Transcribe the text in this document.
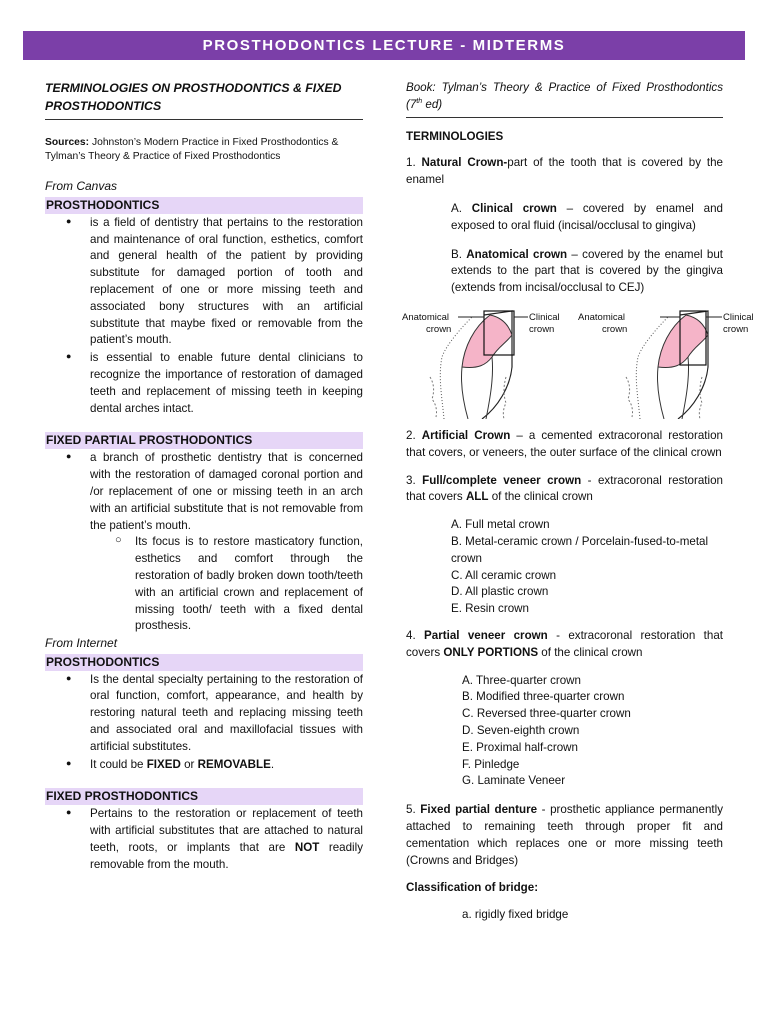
PROSTHODONTICS LECTURE - MIDTERMS
TERMINOLOGIES ON PROSTHODONTICS & FIXED PROSTHODONTICS
Sources: Johnston’s Modern Practice in Fixed Prosthodontics & Tylman’s Theory & Practice of Fixed Prosthodontics
From Canvas
PROSTHODONTICS
● is a field of dentistry that pertains to the restoration and maintenance of oral function, esthetics, comfort and general health of the patient by providing substitute for damaged portion of tooth and replacement of one or more missing teeth and associated bony structures with an artificial substitute that maybe fixed or removable from the patient’s mouth.
● is essential to enable future dental clinicians to recognize the importance of restoration of damaged teeth and replacement of missing teeth in keeping dental arches intact.
FIXED PARTIAL PROSTHODONTICS
● a branch of prosthetic dentistry that is concerned with the restoration of damaged coronal portion and /or replacement of one or missing teeth in an arch with an artificial substitute that is not removable from the patient’s mouth.
○ Its focus is to restore masticatory function, esthetics and comfort through the restoration of badly broken down tooth/teeth with an artificial crown and replacement of missing tooth/ teeth with a fixed dental prosthesis.
From Internet
PROSTHODONTICS
● Is the dental specialty pertaining to the restoration of oral function, comfort, appearance, and health by restoring natural teeth and replacing missing teeth and associated oral and maxillofacial tissues with artificial substitutes.
● It could be FIXED or REMOVABLE.
FIXED PROSTHODONTICS
● Pertains to the restoration or replacement of teeth with artificial substitutes that are attached to natural teeth, roots, or implants that are NOT readily removable from the mouth.
Book: Tylman’s Theory & Practice of Fixed Prosthodontics (7th ed)
TERMINOLOGIES
1. Natural Crown-part of the tooth that is covered by the enamel
A. Clinical crown – covered by enamel and exposed to oral fluid (incisal/occlusal to gingiva)
B. Anatomical crown – covered by the enamel but extends to the part that is covered by the gingiva (extends from incisal/occlusal to CEJ)
Anatomical
crown
Clinical
crown
Anatomical
crown
Clinical
crown
2. Artificial Crown – a cemented extracoronal restoration that covers, or veneers, the outer surface of the clinical crown
3. Full/complete veneer crown - extracoronal restoration that covers ALL of the clinical crown
A. Full metal crown
B. Metal-ceramic crown / Porcelain-fused-to-metal crown
C. All ceramic crown
D. All plastic crown
E. Resin crown
4. Partial veneer crown - extracoronal restoration that covers ONLY PORTIONS of the clinical crown
A. Three-quarter crown
B. Modified three-quarter crown
C. Reversed three-quarter crown
D. Seven-eighth crown
E. Proximal half-crown
F. Pinledge
G. Laminate Veneer
5. Fixed partial denture - prosthetic appliance permanently attached to remaining teeth through proper fit and cementation which replaces one or more missing teeth (Crowns and Bridges)
Classification of bridge:
a. rigidly fixed bridge
